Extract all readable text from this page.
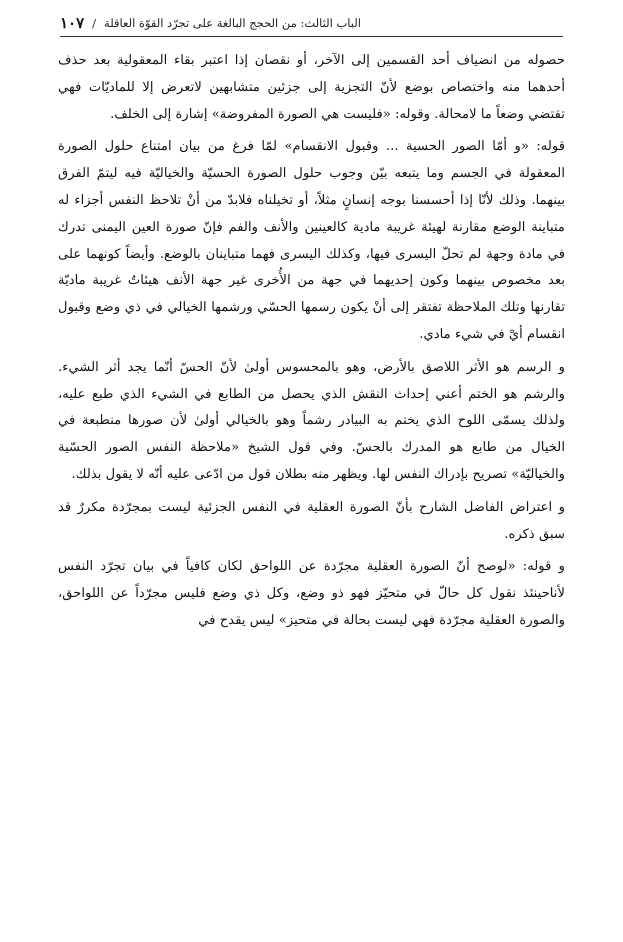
١٠٧ / الباب الثالث: من الحجج البالغة على تجرّد القوّة العاقلة

حصوله من انضياف أحد القسمين إلى الآخر، أو نقصان إذا اعتبر بقاء المعقولية بعد حذف أحدهما منه واختصاص بوضع لأنّ التجزية إلى جزئين متشابهين لاتعرض إلا للماديّات فهي تقتضي وضعاً ما لامحالة. وقوله: «فليست هي الصورة المفروضة» إشارة إلى الخلف.

قوله: «و أمّا الصور الحسية ... وقبول الانقسام» لمّا فرغ من بيان امتناع حلول الصورة المعقولة في الجسم وما يتبعه بيّن وجوب حلول الصورة الحسيّة والخياليّة فيه ليتمّ الفرق بينهما. وذلك لأنّا إذا أحسسنا بوجه إنسانٍ مثلاً، أو تخيلناه فلابدّ من أنْ تلاحظ النفس أجزاء له متباينة الوضع مقارنة لهيئة غريبة مادية كالعينين والأنف والفم فإنّ صورة العين اليمنى تدرك في مادة وجهة لم تحلّ اليسرى فيها، وكذلك اليسرى فهما متباينان بالوضع. وأيضاً كونهما على بعد مخصوص بينهما وكون إحديهما في جهة من الأُخرى غير جهة الأنف هيئاتٌ غريبة ماديّة تقارنها وتلك الملاحظة تفتقر إلى أنْ يكون رسمها الحسّي ورشمها الخيالي في ذي وضع وقبول انقسام أيْ في شيء مادي.

و الرسم هو الأثر اللاصق بالأرض، وهو بالمحسوس أولىٰ لأنّ الحسّ أنّما يجد أثر الشيء. والرشم هو الختم أعني إحداث النقش الذي يحصل من الطابع في الشيء الذي طبع عليه، ولذلك يسمّى اللوح الذي يختم به البيادر رشماً وهو بالخيالي أولىٰ لأن صورها منطبعة في الخيال من طابع هو المدرك بالحسّ. وفي قول الشيخ «ملاحظة النفس الصور الحسّية والخياليّة» تصريح بإدراك النفس لها. ويظهر منه بطلان قول من ادّعى عليه أنّه لا يقول بذلك.

و اعتراض الفاضل الشارح بأنّ الصورة العقلية في النفس الجزئية ليست بمجرّدة مكررٌ قد سبق ذكره.

و قوله: «لوصح أنّ الصورة العقلية مجرّدة عن اللواحق لكان كافياً في بيان تجرّد النفس لأناحينئذ نقول كل حالّ في متحيّز فهو ذو وضع، وكل ذي وضع فليس مجرّداً عن اللواحق، والصورة العقلية مجرّدة فهي ليست بحالة في متحيز» ليس يقدح في
